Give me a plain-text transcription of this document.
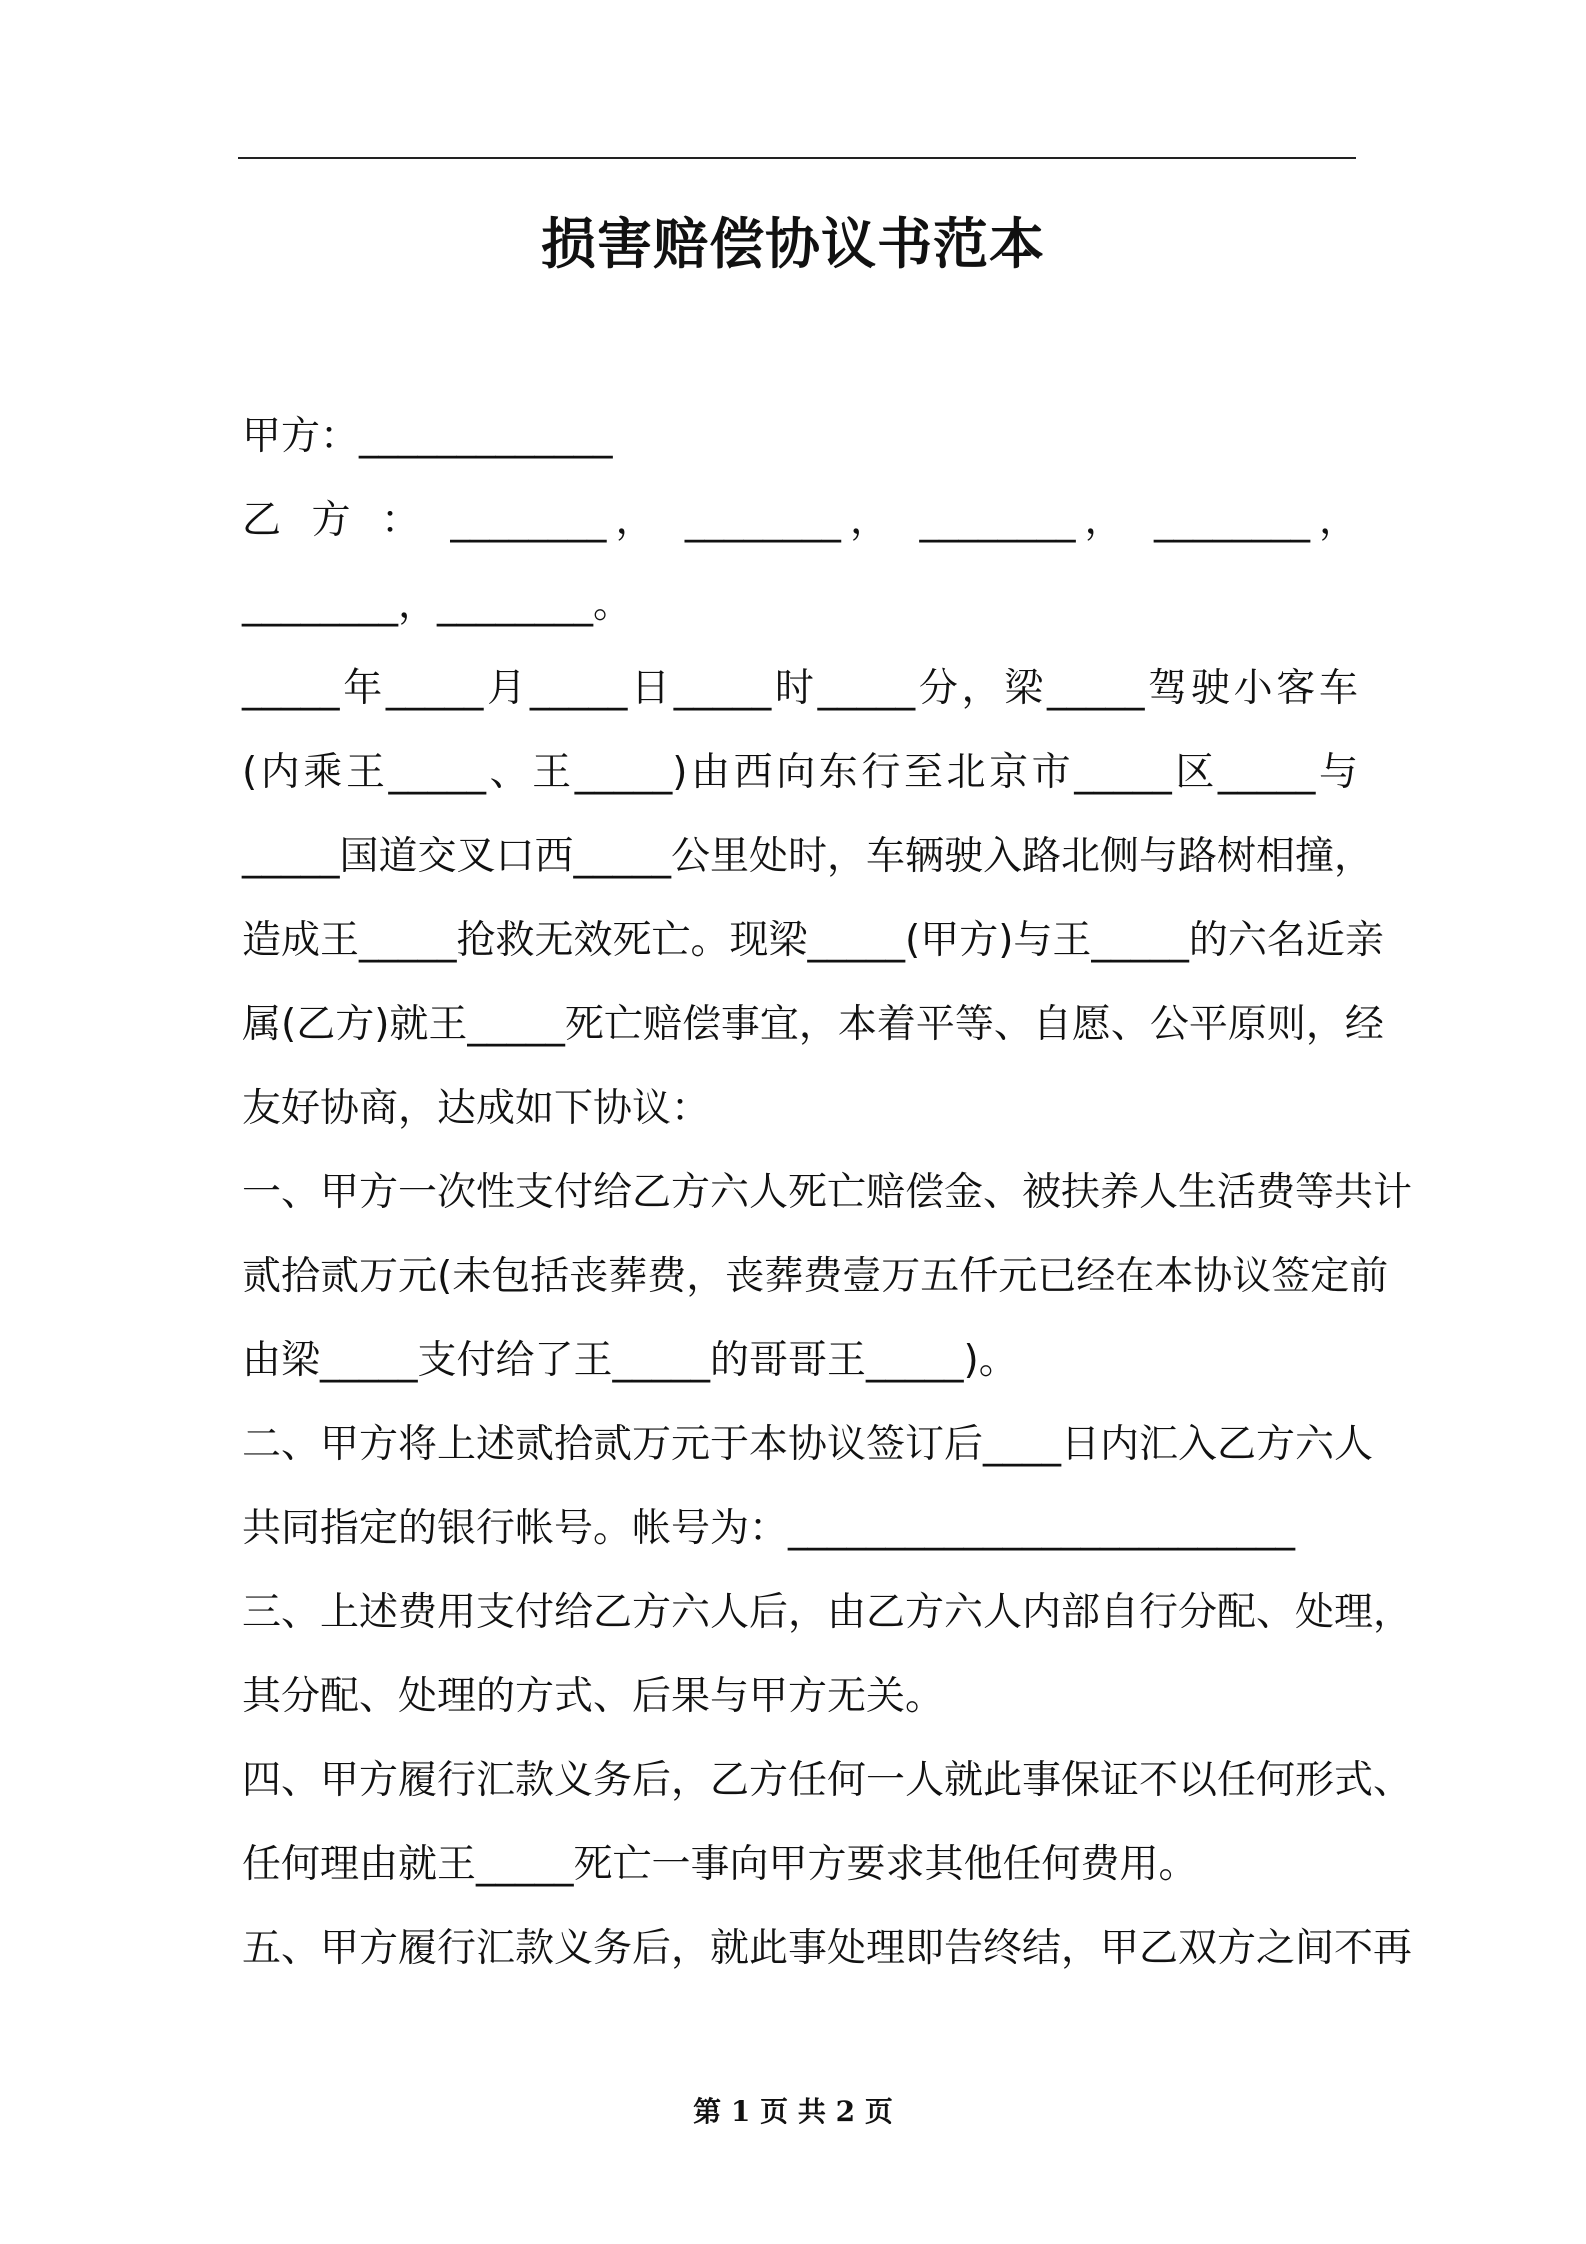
损害赔偿协议书范本
甲方：_____________
乙 方 ： ________， ________， ________， ________，
________，________。
_____年_____月_____日_____时_____分，梁_____驾驶小客车
(内乘王_____、王_____)由西向东行至北京市_____区_____与
_____国道交叉口西_____公里处时，车辆驶入路北侧与路树相撞，
造成王_____抢救无效死亡。现梁_____(甲方)与王_____的六名近亲
属(乙方)就王_____死亡赔偿事宜，本着平等、自愿、公平原则，经
友好协商，达成如下协议：
一、甲方一次性支付给乙方六人死亡赔偿金、被扶养人生活费等共计
贰拾贰万元(未包括丧葬费，丧葬费壹万五仟元已经在本协议签定前
由梁_____支付给了王_____的哥哥王_____)。
二、甲方将上述贰拾贰万元于本协议签订后____日内汇入乙方六人
共同指定的银行帐号。帐号为：__________________________
三、上述费用支付给乙方六人后，由乙方六人内部自行分配、处理，
其分配、处理的方式、后果与甲方无关。
四、甲方履行汇款义务后，乙方任何一人就此事保证不以任何形式、
任何理由就王_____死亡一事向甲方要求其他任何费用。
五、甲方履行汇款义务后，就此事处理即告终结，甲乙双方之间不再
第 1 页 共 2 页
